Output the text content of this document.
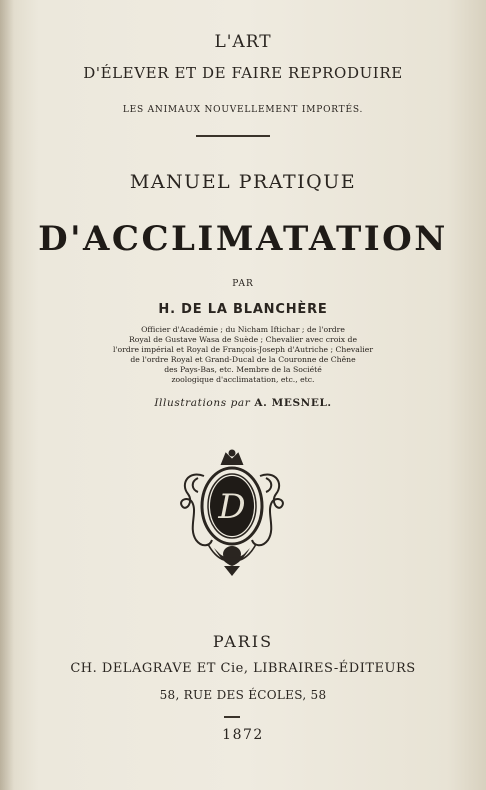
L'ART
D'ÉLEVER ET DE FAIRE REPRODUIRE
LES ANIMAUX NOUVELLEMENT IMPORTÉS.
MANUEL PRATIQUE
D'ACCLIMATATION
PAR
H. DE LA BLANCHÈRE
Officier d'Académie ; du Nicham Iftichar ; de l'ordre
Royal de Gustave Wasa de Suède ; Chevalier avec croix de
l'ordre impérial et Royal de François-Joseph d'Autriche ; Chevalier
de l'ordre Royal et Grand-Ducal de la Couronne de Chêne
des Pays-Bas, etc. Membre de la Société
zoologique d'acclimatation, etc., etc.
Illustrations par A. MESNEL.
D
PARIS
CH. DELAGRAVE ET Cie, LIBRAIRES-ÉDITEURS
58, RUE DES ÉCOLES, 58
1872
